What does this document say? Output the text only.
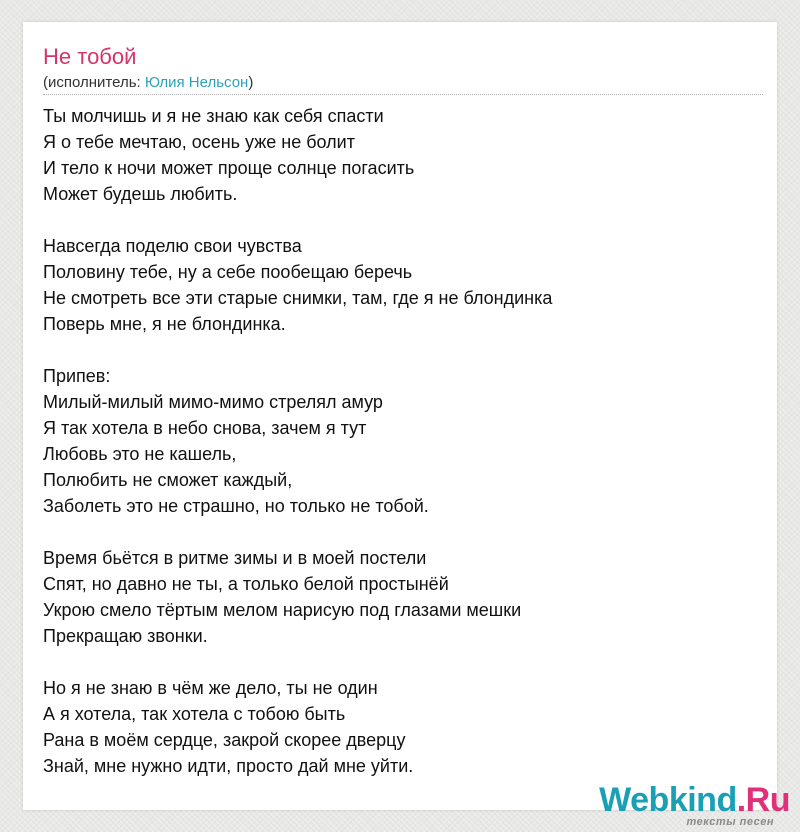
Не тобой
(исполнитель: Юлия Нельсон)
Ты молчишь и я не знаю как себя спасти
Я о тебе мечтаю, осень уже не болит
И тело к ночи может проще солнце погасить
Может будешь любить.
Навсегда поделю свои чувства
Половину тебе, ну а себе пообещаю беречь
Не смотреть все эти старые снимки, там, где я не блондинка
Поверь мне, я не блондинка.
Припев:
Милый-милый мимо-мимо стрелял амур
Я так хотела в небо снова, зачем я тут
Любовь это не кашель,
Полюбить не сможет каждый,
Заболеть это не страшно, но только не тобой.
Время бьётся в ритме зимы и в моей постели
Спят, но давно не ты, а только белой простынёй
Укрою смело тёртым мелом нарисую под глазами мешки
Прекращаю звонки.
Но я не знаю в чём же дело, ты не один
А я хотела, так хотела с тобою быть
Рана в моём сердце, закрой скорее дверцу
Знай, мне нужно идти, просто дай мне уйти.
Webkind.Ru
тексты песен
